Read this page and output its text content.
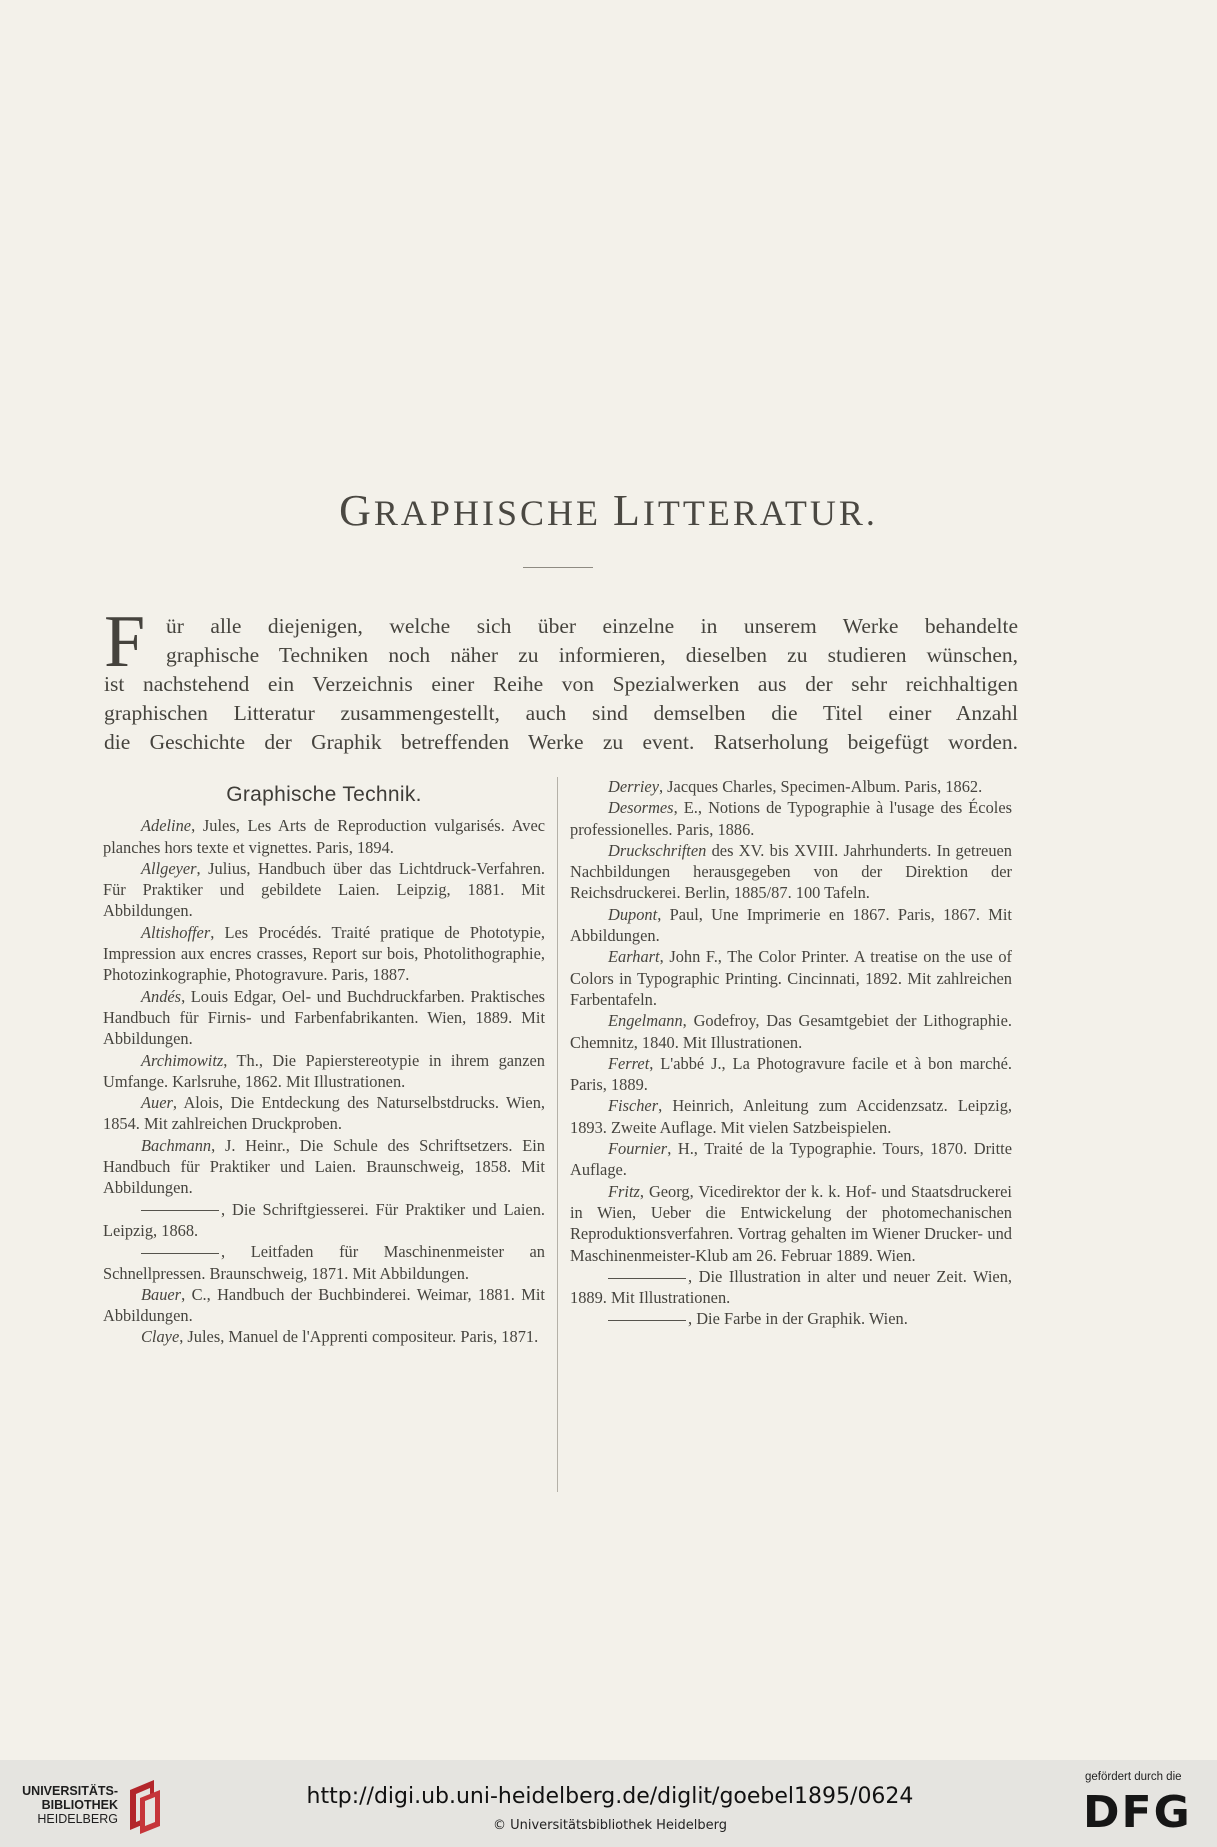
GRAPHISCHE LITTERATUR.
F ür alle diejenigen, welche sich über einzelne in unserem Werke behandelte
graphische Techniken noch näher zu informieren, dieselben zu studieren wünschen,
ist nachstehend ein Verzeichnis einer Reihe von Spezialwerken aus der sehr reichhaltigen
graphischen Litteratur zusammengestellt, auch sind demselben die Titel einer Anzahl
die Geschichte der Graphik betreffenden Werke zu event. Ratserholung beigefügt worden.
Graphische Technik.
Adeline, Jules, Les Arts de Reproduction vulgarisés. Avec planches hors texte et vignettes. Paris, 1894.
Allgeyer, Julius, Handbuch über das Lichtdruck-Verfahren. Für Praktiker und gebildete Laien. Leipzig, 1881. Mit Abbildungen.
Altishoffer, Les Procédés. Traité pratique de Phototypie, Impression aux encres crasses, Report sur bois, Photolithographie, Photozinkographie, Photogravure. Paris, 1887.
Andés, Louis Edgar, Oel- und Buchdruckfarben. Praktisches Handbuch für Firnis- und Farbenfabrikanten. Wien, 1889. Mit Abbildungen.
Archimowitz, Th., Die Papierstereotypie in ihrem ganzen Umfange. Karlsruhe, 1862. Mit Illustrationen.
Auer, Alois, Die Entdeckung des Naturselbstdrucks. Wien, 1854. Mit zahlreichen Druckproben.
Bachmann, J. Heinr., Die Schule des Schriftsetzers. Ein Handbuch für Praktiker und Laien. Braunschweig, 1858. Mit Abbildungen.
, Die Schriftgiesserei. Für Praktiker und Laien. Leipzig, 1868.
, Leitfaden für Maschinenmeister an Schnellpressen. Braunschweig, 1871. Mit Abbildungen.
Bauer, C., Handbuch der Buchbinderei. Weimar, 1881. Mit Abbildungen.
Claye, Jules, Manuel de l'Apprenti compositeur. Paris, 1871.
Derriey, Jacques Charles, Specimen-Album. Paris, 1862.
Desormes, E., Notions de Typographie à l'usage des Écoles professionelles. Paris, 1886.
Druckschriften des XV. bis XVIII. Jahrhunderts. In getreuen Nachbildungen herausgegeben von der Direktion der Reichsdruckerei. Berlin, 1885/87. 100 Tafeln.
Dupont, Paul, Une Imprimerie en 1867. Paris, 1867. Mit Abbildungen.
Earhart, John F., The Color Printer. A treatise on the use of Colors in Typographic Printing. Cincinnati, 1892. Mit zahlreichen Farbentafeln.
Engelmann, Godefroy, Das Gesamtgebiet der Lithographie. Chemnitz, 1840. Mit Illustrationen.
Ferret, L'abbé J., La Photogravure facile et à bon marché. Paris, 1889.
Fischer, Heinrich, Anleitung zum Accidenzsatz. Leipzig, 1893. Zweite Auflage. Mit vielen Satzbeispielen.
Fournier, H., Traité de la Typographie. Tours, 1870. Dritte Auflage.
Fritz, Georg, Vicedirektor der k. k. Hof- und Staatsdruckerei in Wien, Ueber die Entwickelung der photomechanischen Reproduktionsverfahren. Vortrag gehalten im Wiener Drucker- und Maschinenmeister-Klub am 26. Februar 1889. Wien.
, Die Illustration in alter und neuer Zeit. Wien, 1889. Mit Illustrationen.
, Die Farbe in der Graphik. Wien.
UNIVERSITÄTS-
BIBLIOTHEK
HEIDELBERG
http://digi.ub.uni-heidelberg.de/diglit/goebel1895/0624
© Universitätsbibliothek Heidelberg
gefördert durch die
DFG
